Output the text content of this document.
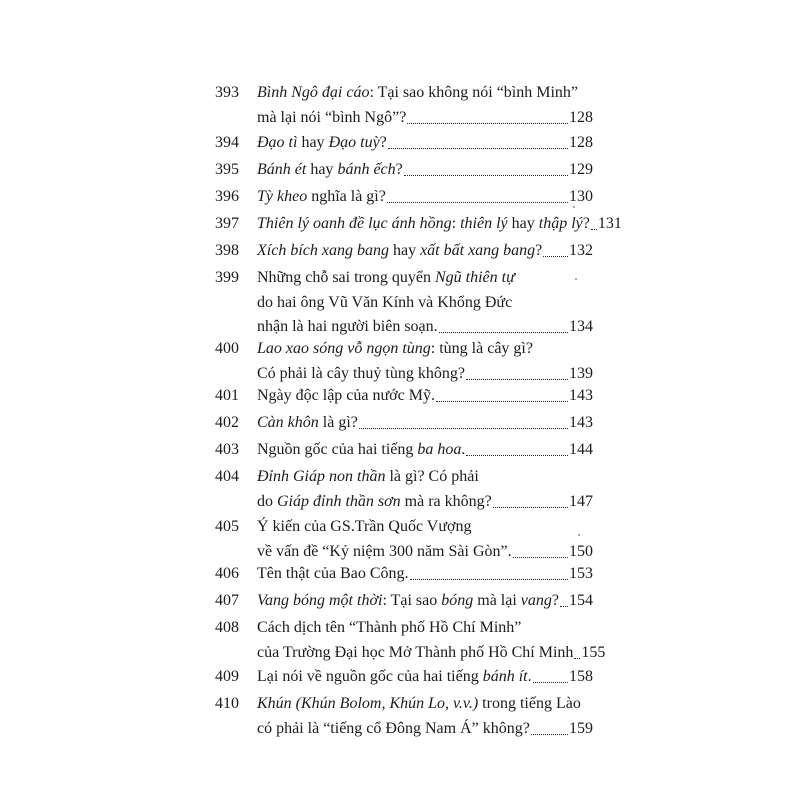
393	Bình Ngô đại cáo: Tại sao không nói “bình Minh”
mà lại nói “bình Ngô”?	128
394	Đạo tì hay Đạo tuỳ?	128
395	Bánh ét hay bánh ếch?	129
396	Tỳ kheo nghĩa là gì?	130
397	Thiên lý oanh đề lục ánh hồng: thiên lý hay thập lý? 131
398	Xích bích xang bang hay xất bất xang bang? 132
399	Những chỗ sai trong quyển Ngũ thiên tự
do hai ông Vũ Văn Kính và Khổng Đức
nhận là hai người biên soạn.	134
400	Lao xao sóng vỗ ngọn tùng: tùng là cây gì?
Có phải là cây thuỷ tùng không?	139
401	Ngày độc lập của nước Mỹ.	143
402	Càn khôn là gì?	143
403	Nguồn gốc của hai tiếng ba hoa.	144
404	Đỉnh Giáp non thần là gì? Có phải
do Giáp đỉnh thần sơn mà ra không?	147
405	Ý kiến của GS.Trần Quốc Vượng
về vấn đề “Kỷ niệm 300 năm Sài Gòn”.	150
406	Tên thật của Bao Công.	153
407	Vang bóng một thời: Tại sao bóng mà lại vang? 154
408	Cách dịch tên “Thành phố Hồ Chí Minh”
của Trường Đại học Mở Thành phố Hồ Chí Minh 155
409	Lại nói về nguồn gốc của hai tiếng bánh ít. 158
410	Khún (Khún Bolom, Khún Lo, v.v.) trong tiếng Lào
có phải là “tiếng cổ Đông Nam Á” không? 159
